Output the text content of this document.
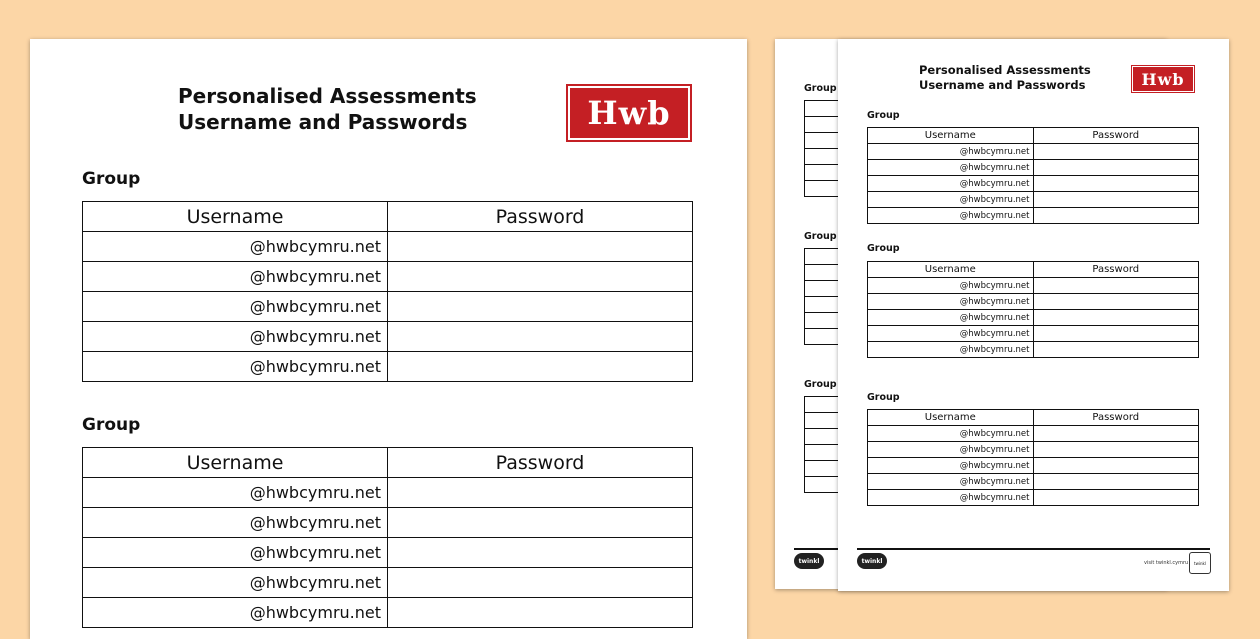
Personalised Assessments
Username and Passwords	Hwb
Group
Username	Password
@hwbcymru.net	
@hwbcymru.net	
@hwbcymru.net	
@hwbcymru.net	
@hwbcymru.net	
Group
Username	Password
@hwbcymru.net	
@hwbcymru.net	
@hwbcymru.net	
@hwbcymru.net	
@hwbcymru.net	
Group
Group
Group
twinkl
Personalised Assessments
Username and Passwords	Hwb
Group
Username	Password
@hwbcymru.net	
@hwbcymru.net	
@hwbcymru.net	
@hwbcymru.net	
@hwbcymru.net	
Group
Username	Password
@hwbcymru.net	
@hwbcymru.net	
@hwbcymru.net	
@hwbcymru.net	
@hwbcymru.net	
Group
Username	Password
@hwbcymru.net	
@hwbcymru.net	
@hwbcymru.net	
@hwbcymru.net	
@hwbcymru.net	
twinkl	visit twinkl.cymru	twinkl
